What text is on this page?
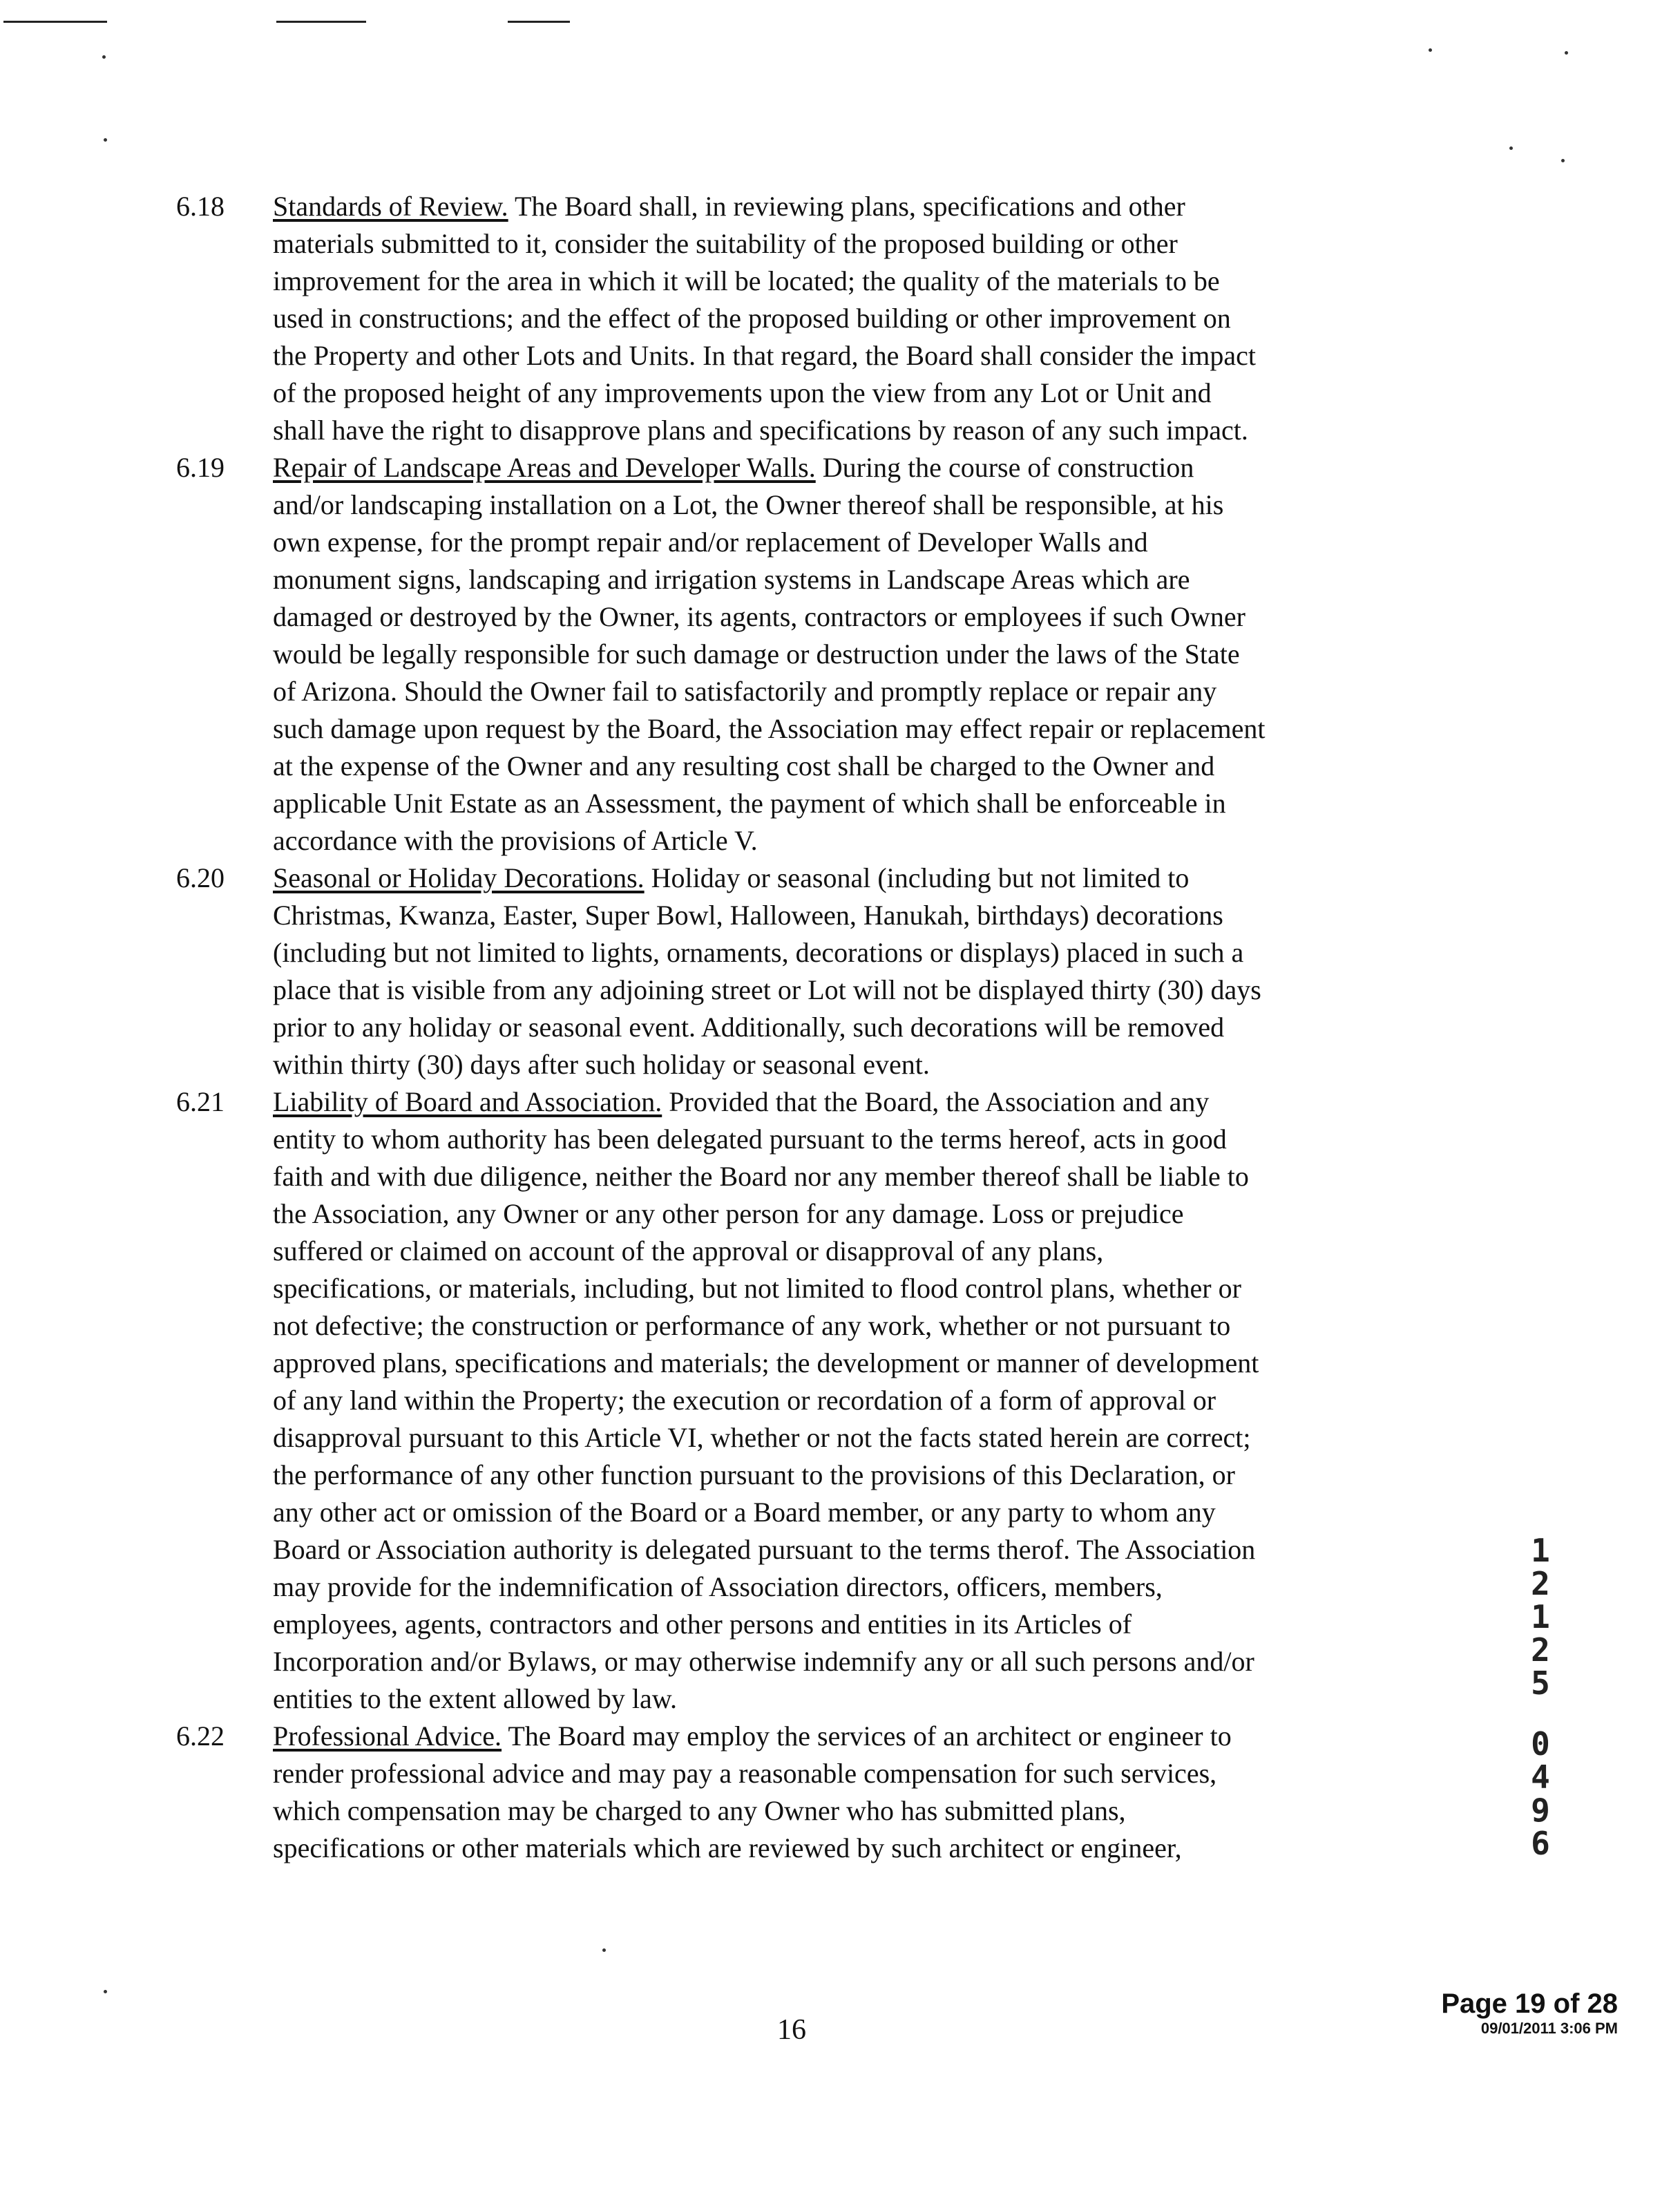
6.18 Standards of Review. The Board shall, in reviewing plans, specifications and other
materials submitted to it, consider the suitability of the proposed building or other
improvement for the area in which it will be located; the quality of the materials to be
used in constructions; and the effect of the proposed building or other improvement on
the Property and other Lots and Units. In that regard, the Board shall consider the impact
of the proposed height of any improvements upon the view from any Lot or Unit and
shall have the right to disapprove plans and specifications by reason of any such impact.
6.19 Repair of Landscape Areas and Developer Walls. During the course of construction
and/or landscaping installation on a Lot, the Owner thereof shall be responsible, at his
own expense, for the prompt repair and/or replacement of Developer Walls and
monument signs, landscaping and irrigation systems in Landscape Areas which are
damaged or destroyed by the Owner, its agents, contractors or employees if such Owner
would be legally responsible for such damage or destruction under the laws of the State
of Arizona. Should the Owner fail to satisfactorily and promptly replace or repair any
such damage upon request by the Board, the Association may effect repair or replacement
at the expense of the Owner and any resulting cost shall be charged to the Owner and
applicable Unit Estate as an Assessment, the payment of which shall be enforceable in
accordance with the provisions of Article V.
6.20 Seasonal or Holiday Decorations. Holiday or seasonal (including but not limited to
Christmas, Kwanza, Easter, Super Bowl, Halloween, Hanukah, birthdays) decorations
(including but not limited to lights, ornaments, decorations or displays) placed in such a
place that is visible from any adjoining street or Lot will not be displayed thirty (30) days
prior to any holiday or seasonal event. Additionally, such decorations will be removed
within thirty (30) days after such holiday or seasonal event.
6.21 Liability of Board and Association. Provided that the Board, the Association and any
entity to whom authority has been delegated pursuant to the terms hereof, acts in good
faith and with due diligence, neither the Board nor any member thereof shall be liable to
the Association, any Owner or any other person for any damage. Loss or prejudice
suffered or claimed on account of the approval or disapproval of any plans,
specifications, or materials, including, but not limited to flood control plans, whether or
not defective; the construction or performance of any work, whether or not pursuant to
approved plans, specifications and materials; the development or manner of development
of any land within the Property; the execution or recordation of a form of approval or
disapproval pursuant to this Article VI, whether or not the facts stated herein are correct;
the performance of any other function pursuant to the provisions of this Declaration, or
any other act or omission of the Board or a Board member, or any party to whom any
Board or Association authority is delegated pursuant to the terms therof. The Association
may provide for the indemnification of Association directors, officers, members,
employees, agents, contractors and other persons and entities in its Articles of
Incorporation and/or Bylaws, or may otherwise indemnify any or all such persons and/or
entities to the extent allowed by law.
6.22 Professional Advice. The Board may employ the services of an architect or engineer to
render professional advice and may pay a reasonable compensation for such services,
which compensation may be charged to any Owner who has submitted plans,
specifications or other materials which are reviewed by such architect or engineer,
1
2
1
2
5
0
4
9
6
16
Page 19 of 28
09/01/2011 3:06 PM
